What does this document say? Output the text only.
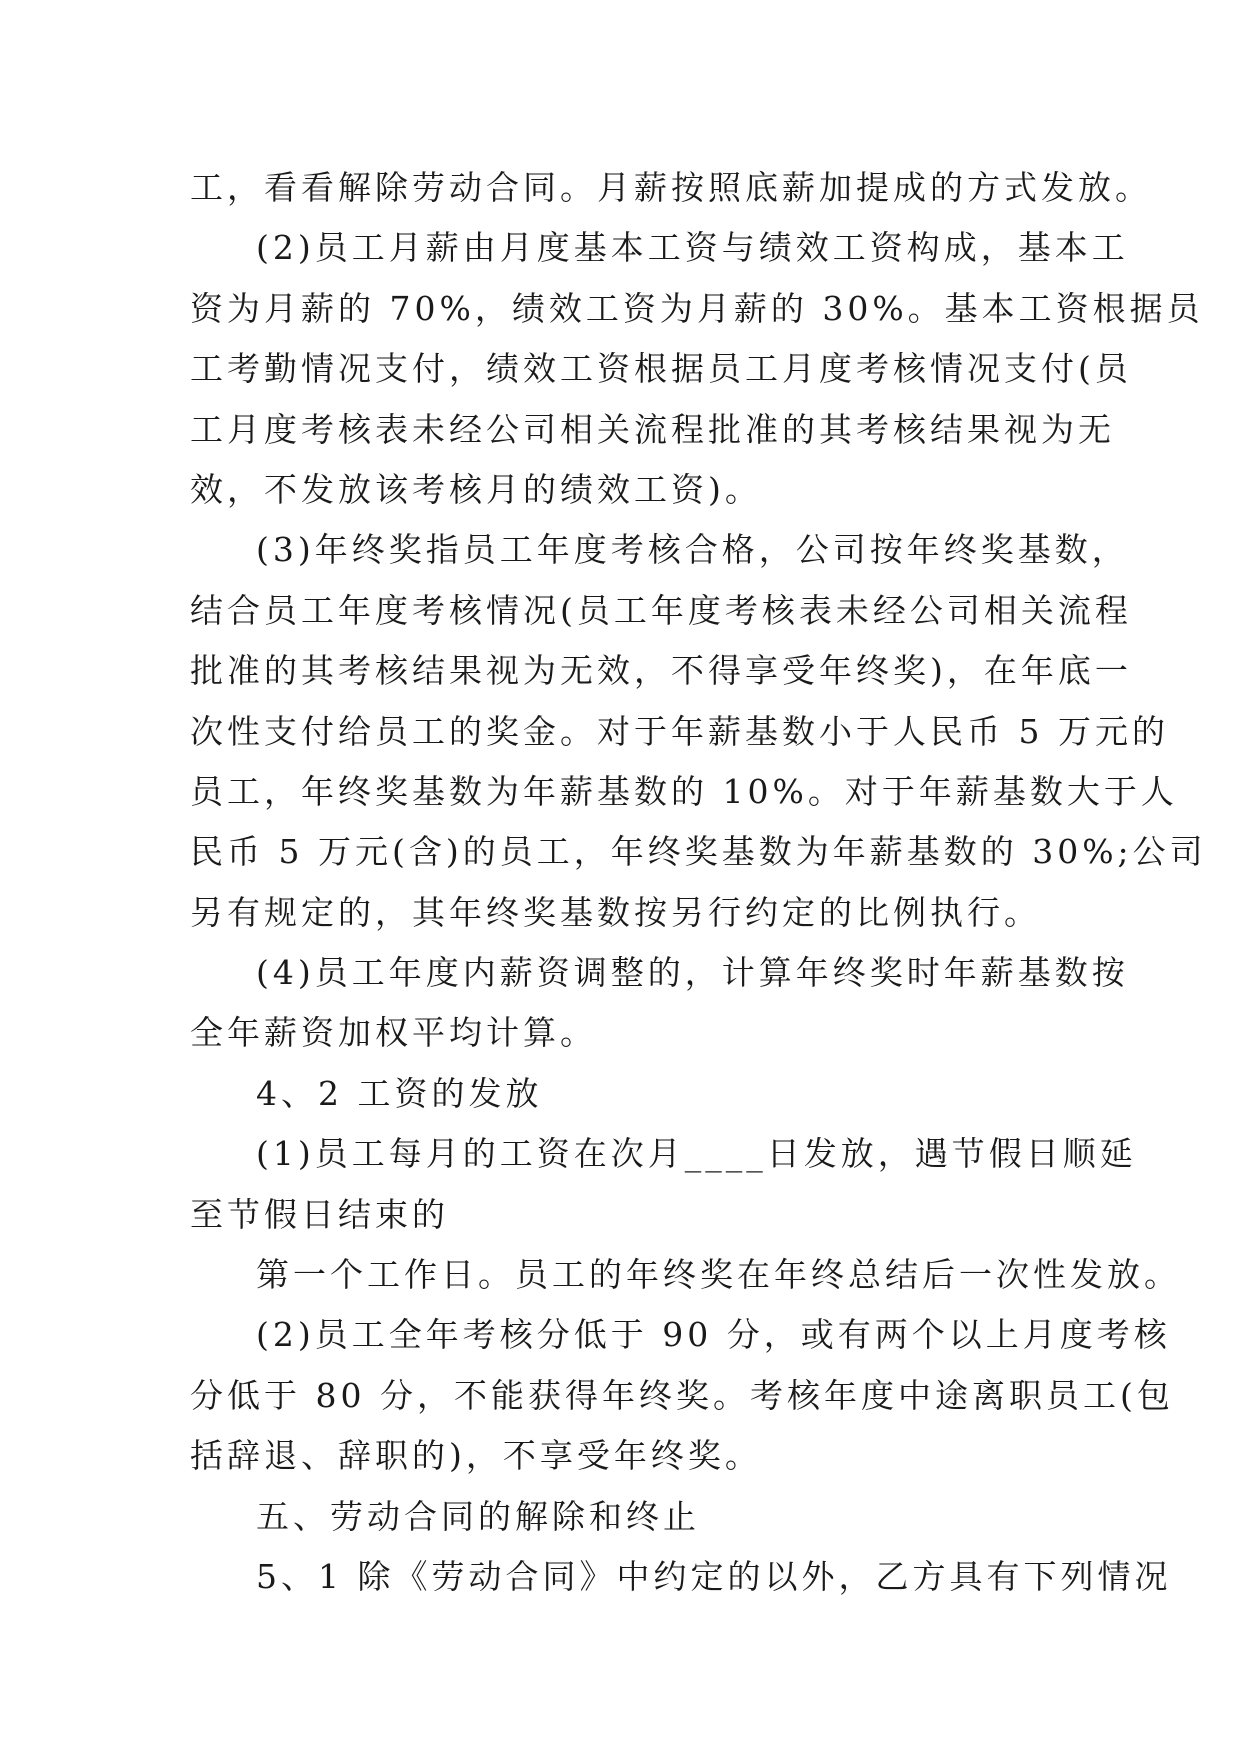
工，看看解除劳动合同。月薪按照底薪加提成的方式发放。
(2)员工月薪由月度基本工资与绩效工资构成，基本工
资为月薪的 70%，绩效工资为月薪的 30%。基本工资根据员
工考勤情况支付，绩效工资根据员工月度考核情况支付(员
工月度考核表未经公司相关流程批准的其考核结果视为无
效，不发放该考核月的绩效工资)。
(3)年终奖指员工年度考核合格，公司按年终奖基数，
结合员工年度考核情况(员工年度考核表未经公司相关流程
批准的其考核结果视为无效，不得享受年终奖)，在年底一
次性支付给员工的奖金。对于年薪基数小于人民币 5 万元的
员工，年终奖基数为年薪基数的 10%。对于年薪基数大于人
民币 5 万元(含)的员工，年终奖基数为年薪基数的 30%;公司
另有规定的，其年终奖基数按另行约定的比例执行。
(4)员工年度内薪资调整的，计算年终奖时年薪基数按
全年薪资加权平均计算。
4、2 工资的发放
(1)员工每月的工资在次月____日发放，遇节假日顺延
至节假日结束的
第一个工作日。员工的年终奖在年终总结后一次性发放。
(2)员工全年考核分低于 90 分，或有两个以上月度考核
分低于 80 分，不能获得年终奖。考核年度中途离职员工(包
括辞退、辞职的)，不享受年终奖。
五、劳动合同的解除和终止
5、1 除《劳动合同》中约定的以外，乙方具有下列情况
